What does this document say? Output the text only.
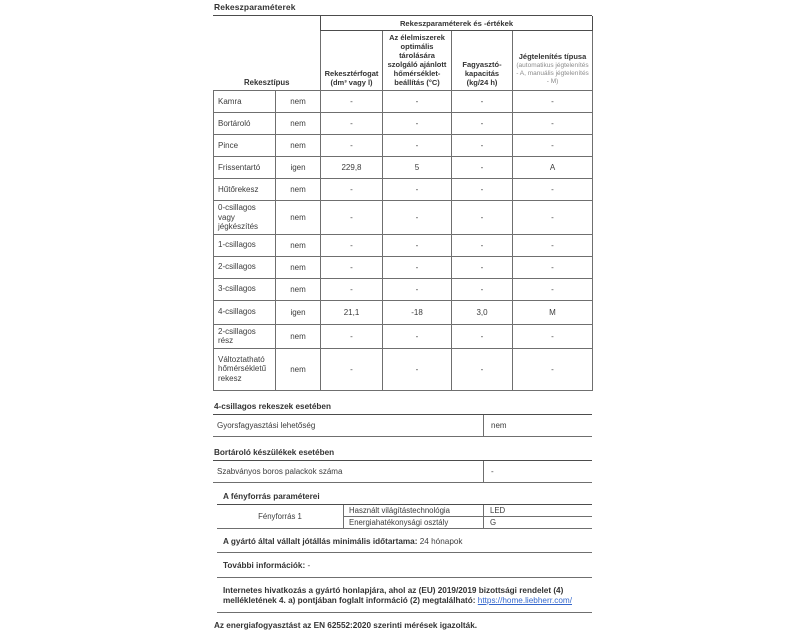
Rekeszparaméterek
		Rekeszparaméterek és -értékek			
Rekesztípus		Rekesztérfogat (dm³ vagy l)	Az élelmiszerek optimális tárolására szolgáló ajánlott hőmérséklet-beállítás (°C)	Fagyasztó-kapacitás (kg/24 h)	Jégtelenítés típusa
(automatikus jégtelenítés - A, manuális jégtelenítés - M)

Kamra	nem	-	-	-	-
Bortároló	nem	-	-	-	-
Pince	nem	-	-	-	-
Frissentartó	igen	229,8	5	-	A
Hűtőrekesz	nem	-	-	-	-
0-csillagos vagy jégkészítés	nem	-	-	-	-
1-csillagos	nem	-	-	-	-
2-csillagos	nem	-	-	-	-
3-csillagos	nem	-	-	-	-
4-csillagos	igen	21,1	-18	3,0	M
2-csillagos rész	nem	-	-	-	-
Változtatható hőmérsékletű rekesz	nem	-	-	-	-
4-csillagos rekeszek esetében
Gyorsfagyasztási lehetőség	nem
Bortároló készülékek esetében
Szabványos boros palackok száma	-
A fényforrás paraméterei
Fényforrás 1
Használt világítástechnológia	LED
Energiahatékonysági osztály	G
A gyártó által vállalt jótállás minimális időtartama: 24 hónapok
További információk: -
Internetes hivatkozás a gyártó honlapjára, ahol az (EU) 2019/2019 bizottsági rendelet (4) mellékletének 4. a) pontjában foglalt információ (2) megtalálható: https://home.liebherr.com/
Az energiafogyasztást az EN 62552:2020 szerinti mérések igazolták.
